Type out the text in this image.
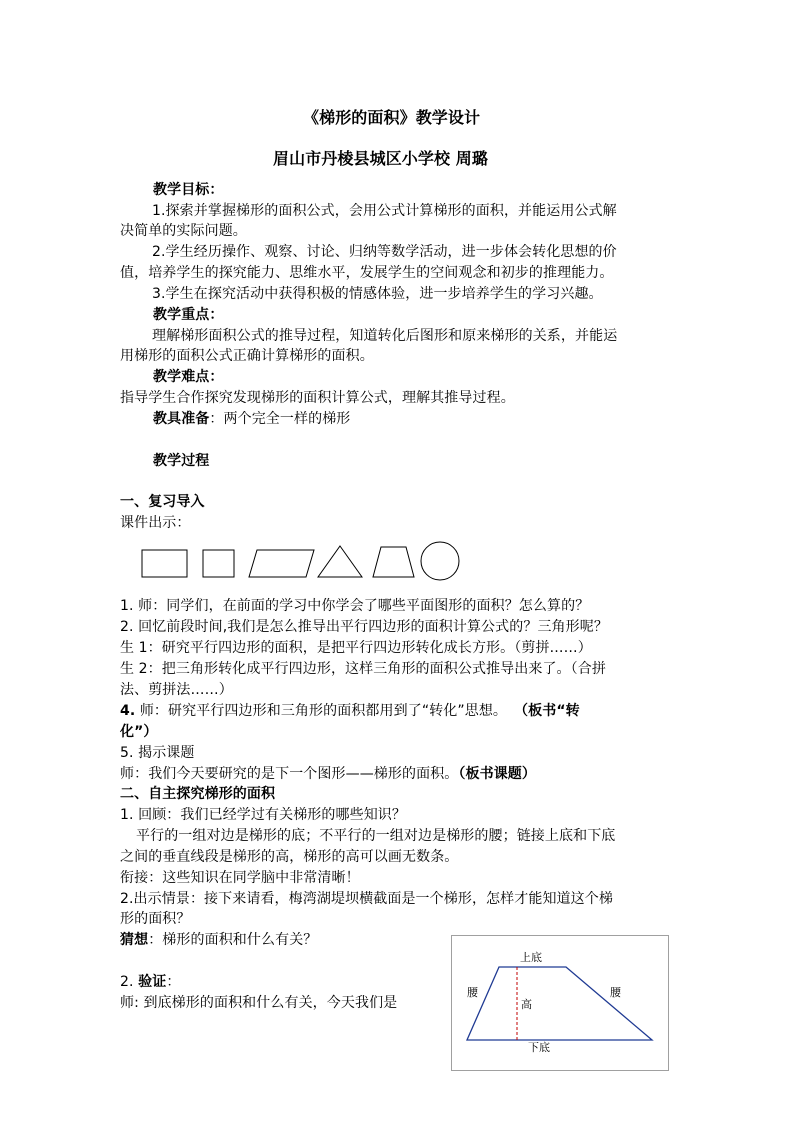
《梯形的面积》教学设计
眉山市丹棱县城区小学校 周璐
教学目标：
1.探索并掌握梯形的面积公式，会用公式计算梯形的面积，并能运用公式解
决简单的实际问题。
2.学生经历操作、观察、讨论、归纳等数学活动，进一步体会转化思想的价
值，培养学生的探究能力、思维水平，发展学生的空间观念和初步的推理能力。
3.学生在探究活动中获得积极的情感体验，进一步培养学生的学习兴趣。
教学重点：
理解梯形面积公式的推导过程，知道转化后图形和原来梯形的关系，并能运
用梯形的面积公式正确计算梯形的面积。
教学难点：
指导学生合作探究发现梯形的面积计算公式，理解其推导过程。
教具准备：两个完全一样的梯形
教学过程
一、复习导入
课件出示：
1. 师：同学们，在前面的学习中你学会了哪些平面图形的面积？怎么算的？
2. 回忆前段时间,我们是怎么推导出平行四边形的面积计算公式的？三角形呢？
生 1：研究平行四边形的面积，是把平行四边形转化成长方形。（剪拼……）
生 2：把三角形转化成平行四边形，这样三角形的面积公式推导出来了。（合拼
法、剪拼法……）
4. 师：研究平行四边形和三角形的面积都用到了“转化”思想。 （板书“转
化”）
5. 揭示课题
师：我们今天要研究的是下一个图形——梯形的面积。（板书课题）
二、自主探究梯形的面积
1. 回顾：我们已经学过有关梯形的哪些知识？
平行的一组对边是梯形的底；不平行的一组对边是梯形的腰；链接上底和下底
之间的垂直线段是梯形的高，梯形的高可以画无数条。
衔接：这些知识在同学脑中非常清晰！
2.出示情景：接下来请看，梅湾湖堤坝横截面是一个梯形，怎样才能知道这个梯
形的面积？
猜想：梯形的面积和什么有关？
2. 验证：
师: 到底梯形的面积和什么有关，今天我们是
上底
下底
高
腰	腰
